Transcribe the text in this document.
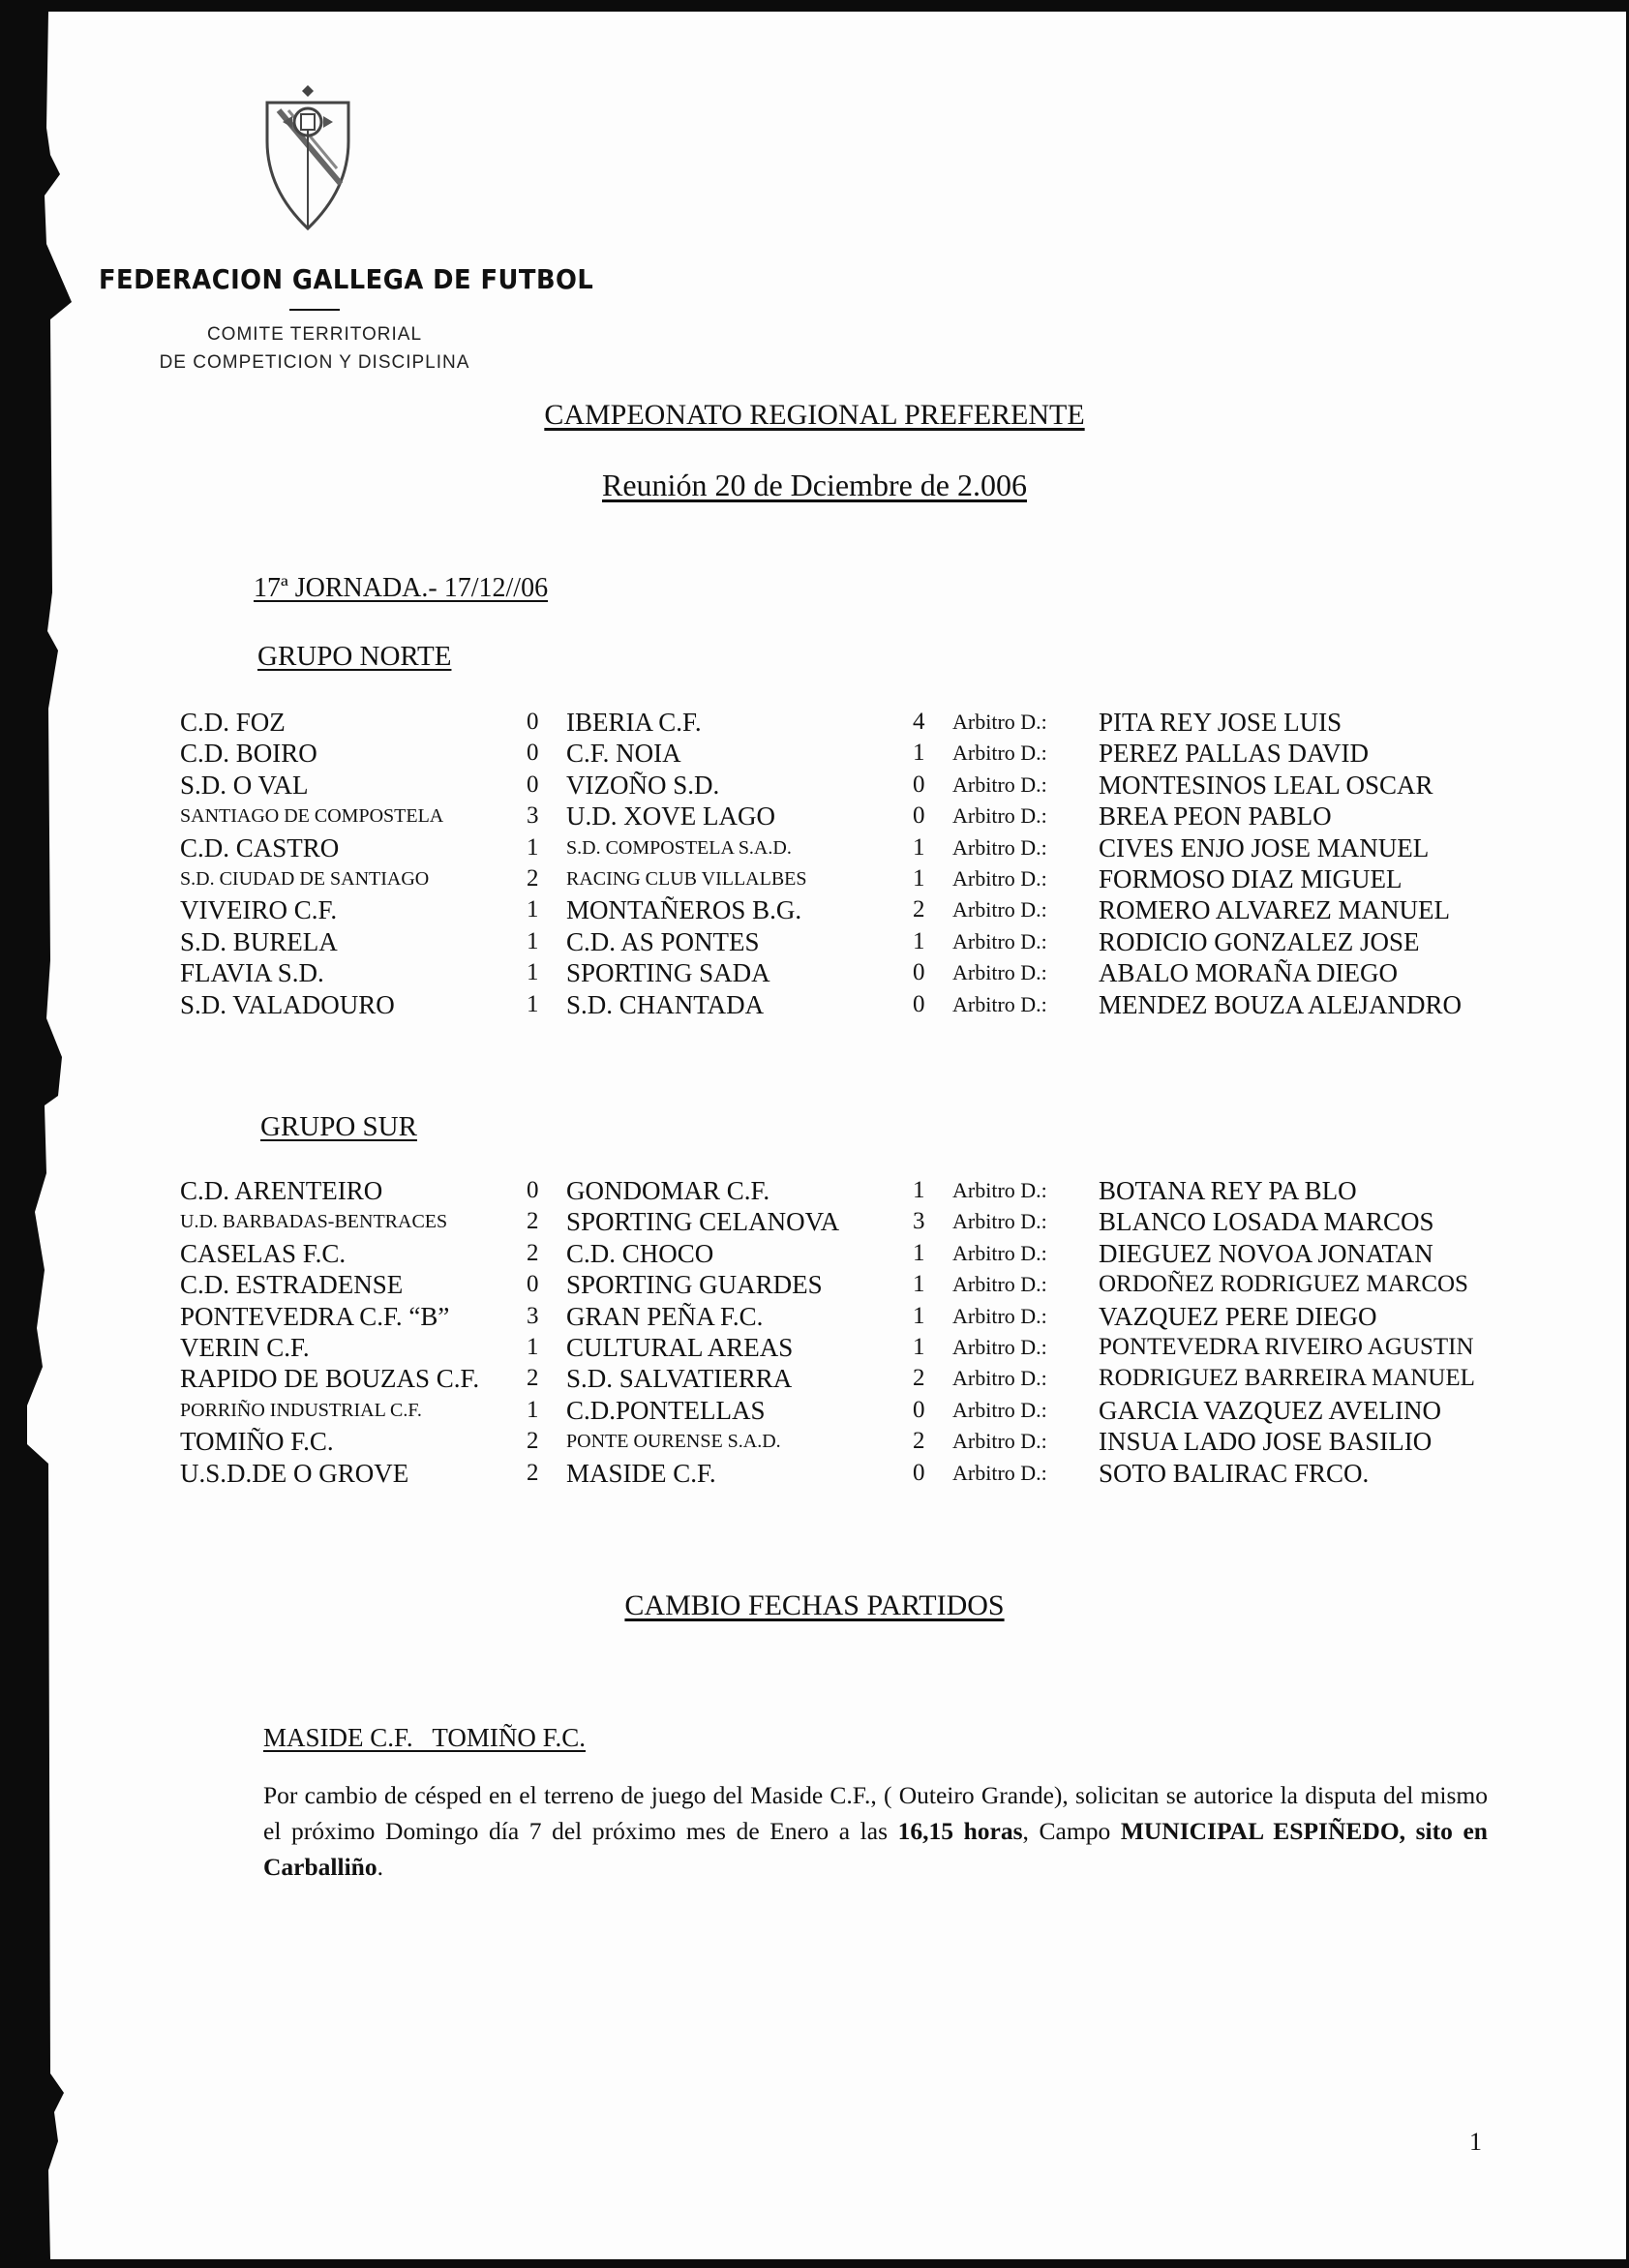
FEDERACION GALLEGA DE FUTBOL
COMITE TERRITORIAL
DE COMPETICION Y DISCIPLINA
CAMPEONATO REGIONAL PREFERENTE
Reunión 20 de Dciembre de 2.006
17ª JORNADA.- 17/12//06
GRUPO NORTE
C.D. FOZ	0 IBERIA C.F.	4 Arbitro D.: PITA REY JOSE LUIS
C.D. BOIRO	0 C.F. NOIA	1 Arbitro D.: PEREZ PALLAS DAVID
S.D. O VAL	0 VIZOÑO S.D.	0 Arbitro D.: MONTESINOS LEAL OSCAR
SANTIAGO DE COMPOSTELA	3 U.D. XOVE LAGO	0 Arbitro D.: BREA PEON PABLO
C.D. CASTRO	1 S.D. COMPOSTELA S.A.D.	1 Arbitro D.: CIVES ENJO JOSE MANUEL
S.D. CIUDAD DE SANTIAGO	2 RACING CLUB VILLALBES	1 Arbitro D.: FORMOSO DIAZ MIGUEL
VIVEIRO C.F.	1 MONTAÑEROS B.G.	2 Arbitro D.: ROMERO ALVAREZ MANUEL
S.D. BURELA	1 C.D. AS PONTES	1 Arbitro D.: RODICIO GONZALEZ JOSE
FLAVIA S.D.	1 SPORTING SADA	0 Arbitro D.: ABALO MORAÑA DIEGO
S.D. VALADOURO	1 S.D. CHANTADA	0 Arbitro D.: MENDEZ BOUZA ALEJANDRO
GRUPO SUR
C.D. ARENTEIRO	0 GONDOMAR C.F.	1 Arbitro D.: BOTANA REY PA BLO
U.D. BARBADAS-BENTRACES	2 SPORTING CELANOVA	3 Arbitro D.: BLANCO LOSADA MARCOS
CASELAS F.C.	2 C.D. CHOCO	1 Arbitro D.: DIEGUEZ NOVOA JONATAN
C.D. ESTRADENSE	0 SPORTING GUARDES	1 Arbitro D.: ORDOÑEZ RODRIGUEZ MARCOS
PONTEVEDRA C.F. “B”	3 GRAN PEÑA F.C.	1 Arbitro D.: VAZQUEZ PERE DIEGO
VERIN C.F.	1 CULTURAL AREAS	1 Arbitro D.: PONTEVEDRA RIVEIRO AGUSTIN
RAPIDO DE BOUZAS C.F. 2 S.D. SALVATIERRA	2 Arbitro D.: RODRIGUEZ BARREIRA MANUEL
PORRIÑO INDUSTRIAL C.F.	1 C.D.PONTELLAS	0 Arbitro D.: GARCIA VAZQUEZ AVELINO
TOMIÑO F.C.	2 PONTE OURENSE S.A.D.	2 Arbitro D.: INSUA LADO JOSE BASILIO
U.S.D.DE O GROVE	2 MASIDE C.F.	0 Arbitro D.: SOTO BALIRAC FRCO.
CAMBIO FECHAS PARTIDOS
MASIDE C.F.   TOMIÑO F.C.
Por cambio de césped en el terreno de juego del Maside C.F., ( Outeiro Grande), solicitan se autorice la disputa del mismo el próximo Domingo día 7 del próximo mes de Enero a las 16,15 horas, Campo MUNICIPAL ESPIÑEDO, sito en Carballiño.
1
